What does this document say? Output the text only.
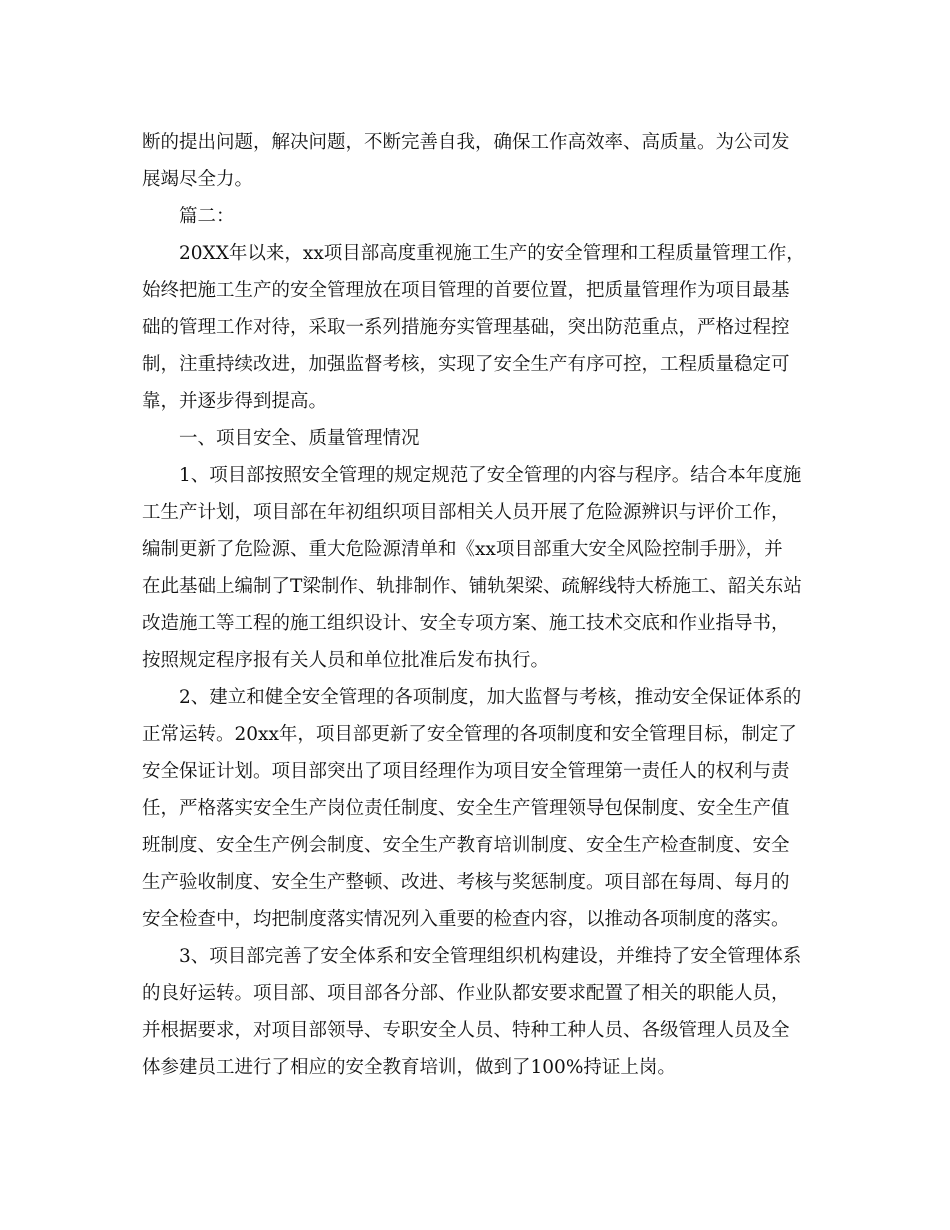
断的提出问题，解决问题，不断完善自我，确保工作高效率、高质量。为公司发
展竭尽全力。
篇二：
20XX年以来，xx项目部高度重视施工生产的安全管理和工程质量管理工作，
始终把施工生产的安全管理放在项目管理的首要位置，把质量管理作为项目最基
础的管理工作对待，采取一系列措施夯实管理基础，突出防范重点，严格过程控
制，注重持续改进，加强监督考核，实现了安全生产有序可控，工程质量稳定可
靠，并逐步得到提高。
一、项目安全、质量管理情况
1、项目部按照安全管理的规定规范了安全管理的内容与程序。结合本年度施
工生产计划，项目部在年初组织项目部相关人员开展了危险源辨识与评价工作，
编制更新了危险源、重大危险源清单和《xx项目部重大安全风险控制手册》，并
在此基础上编制了T梁制作、轨排制作、铺轨架梁、疏解线特大桥施工、韶关东站
改造施工等工程的施工组织设计、安全专项方案、施工技术交底和作业指导书，
按照规定程序报有关人员和单位批准后发布执行。
2、建立和健全安全管理的各项制度，加大监督与考核，推动安全保证体系的
正常运转。20xx年，项目部更新了安全管理的各项制度和安全管理目标，制定了
安全保证计划。项目部突出了项目经理作为项目安全管理第一责任人的权利与责
任，严格落实安全生产岗位责任制度、安全生产管理领导包保制度、安全生产值
班制度、安全生产例会制度、安全生产教育培训制度、安全生产检查制度、安全
生产验收制度、安全生产整顿、改进、考核与奖惩制度。项目部在每周、每月的
安全检查中，均把制度落实情况列入重要的检查内容，以推动各项制度的落实。
3、项目部完善了安全体系和安全管理组织机构建设，并维持了安全管理体系
的良好运转。项目部、项目部各分部、作业队都安要求配置了相关的职能人员，
并根据要求，对项目部领导、专职安全人员、特种工种人员、各级管理人员及全
体参建员工进行了相应的安全教育培训，做到了100%持证上岗。
